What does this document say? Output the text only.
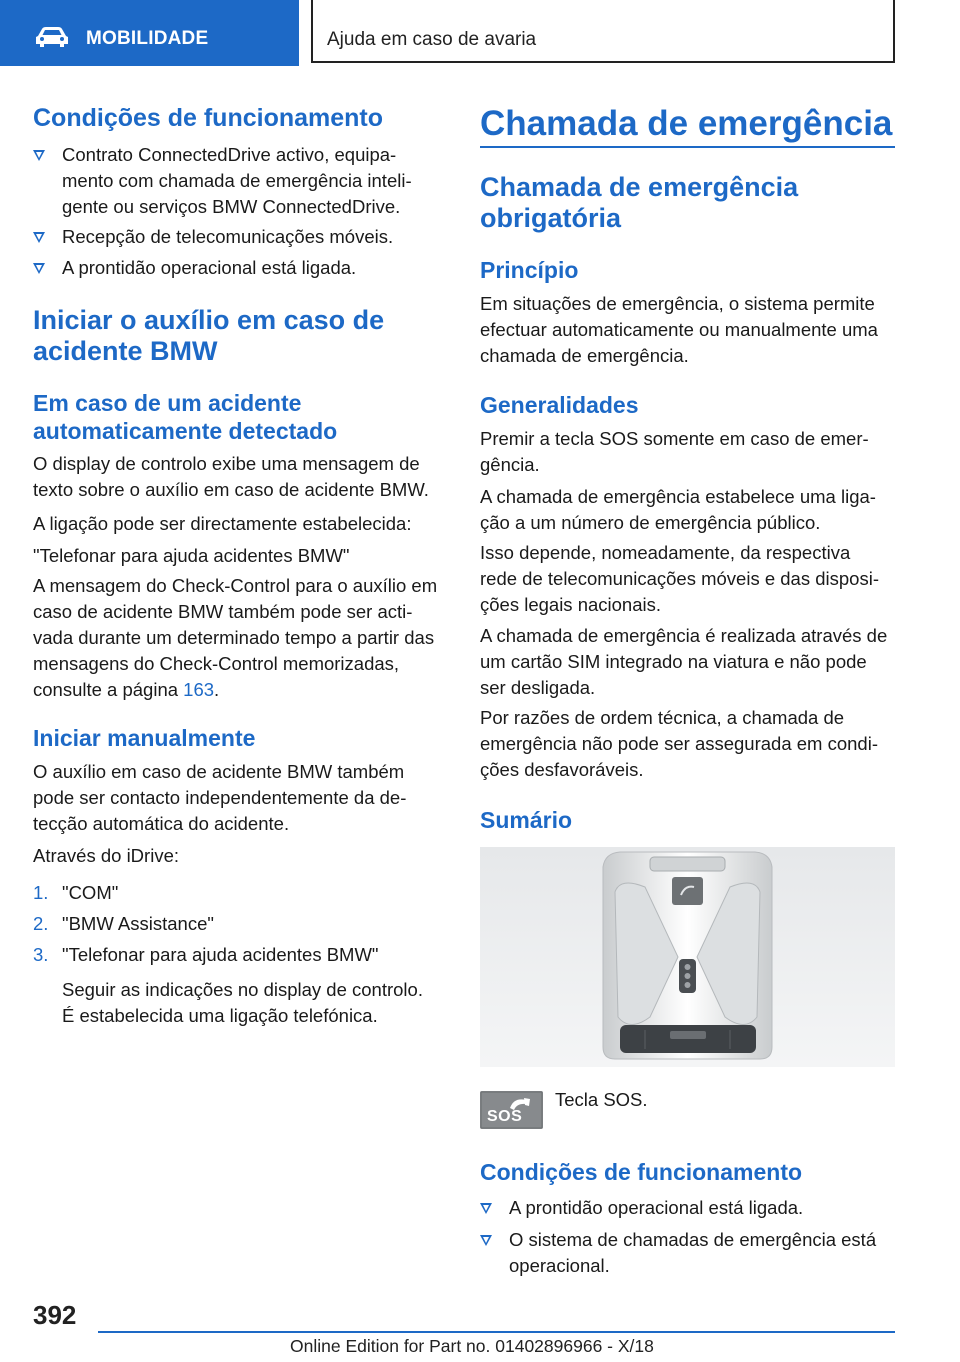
MOBILIDADE	Ajuda em caso de avaria
Condições de funcionamento
Contrato ConnectedDrive activo, equipa-
mento com chamada de emergência inteli-
gente ou serviços BMW ConnectedDrive.
Recepção de telecomunicações móveis.
A prontidão operacional está ligada.
Iniciar o auxílio em caso de
acidente BMW
Em caso de um acidente
automaticamente detectado
O display de controlo exibe uma mensagem de
texto sobre o auxílio em caso de acidente BMW.
A ligação pode ser directamente estabelecida:
"Telefonar para ajuda acidentes BMW"
A mensagem do Check-Control para o auxílio em
caso de acidente BMW também pode ser acti-
vada durante um determinado tempo a partir das
mensagens do Check-Control memorizadas,
consulte a página 163.
Iniciar manualmente
O auxílio em caso de acidente BMW também
pode ser contacto independentemente da de-
tecção automática do acidente.
Através do iDrive:
1. "COM"
2. "BMW Assistance"
3. "Telefonar para ajuda acidentes BMW"
Seguir as indicações no display de controlo.
É estabelecida uma ligação telefónica.
Chamada de emergência
Chamada de emergência
obrigatória
Princípio
Em situações de emergência, o sistema permite
efectuar automaticamente ou manualmente uma
chamada de emergência.
Generalidades
Premir a tecla SOS somente em caso de emer-
gência.
A chamada de emergência estabelece uma liga-
ção a um número de emergência público.
Isso depende, nomeadamente, da respectiva
rede de telecomunicações móveis e das disposi-
ções legais nacionais.
A chamada de emergência é realizada através de
um cartão SIM integrado na viatura e não pode
ser desligada.
Por razões de ordem técnica, a chamada de
emergência não pode ser assegurada em condi-
ções desfavoráveis.
Sumário
SOS
Tecla SOS.
Condições de funcionamento
A prontidão operacional está ligada.
O sistema de chamadas de emergência está
operacional.
392
Online Edition for Part no. 01402896966 - X/18
